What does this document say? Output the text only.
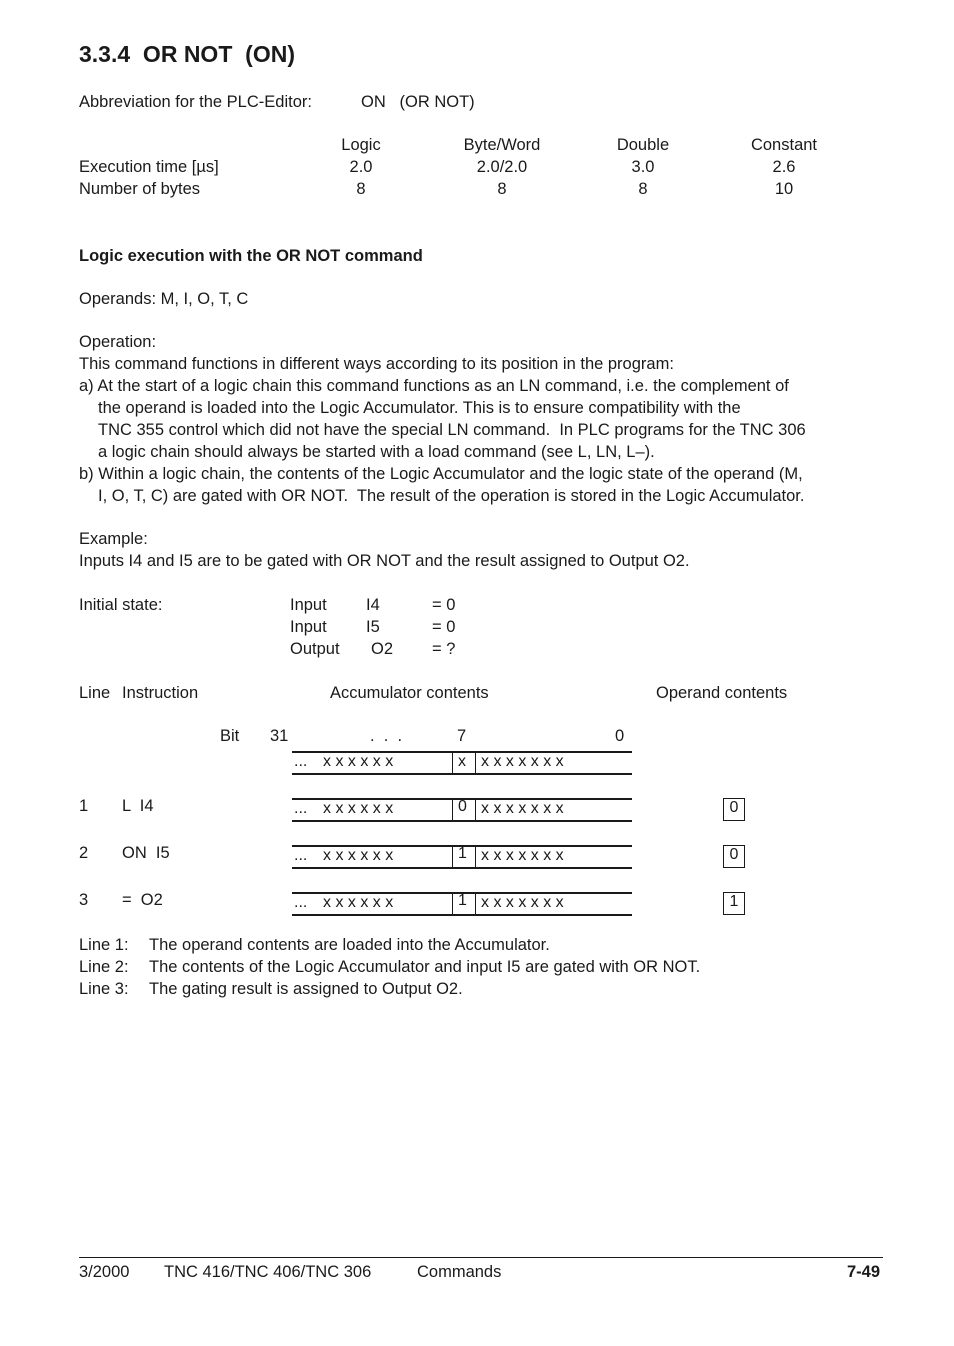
3.3.4  OR NOT  (ON)
Abbreviation for the PLC-Editor:	ON   (OR NOT)
Logic	Byte/Word	Double	Constant
Execution time [µs]	2.0	2.0/2.0	3.0	2.6
Number of bytes	8	8	8	10
Logic execution with the OR NOT command
Operands: M, I, O, T, C
Operation:
This command functions in different ways according to its position in the program:
a) At the start of a logic chain this command functions as an LN command, i.e. the complement of
the operand is loaded into the Logic Accumulator. This is to ensure compatibility with the
TNC 355 control which did not have the special LN command.  In PLC programs for the TNC 306
a logic chain should always be started with a load command (see L, LN, L–).
b) Within a logic chain, the contents of the Logic Accumulator and the logic state of the operand (M,
I, O, T, C) are gated with OR NOT.  The result of the operation is stored in the Logic Accumulator.
Example:
Inputs I4 and I5 are to be gated with OR NOT and the result assigned to Output O2.
Initial state:	Input I4	= 0
Input I5	= 0
Output O2 = ?
Line Instruction	Accumulator contents	Operand contents
Bit 31	.  .  .	7	0
... x x x x x x	x x x x x x x x
1 L  I4	... x x x x x x	0 x x x x x x x	0
2 ON  I5	... x x x x x x	1 x x x x x x x	0
3 =  O2	... x x x x x x	1 x x x x x x x	1
Line 1: The operand contents are loaded into the Accumulator.
Line 2: The contents of the Logic Accumulator and input I5 are gated with OR NOT.
Line 3: The gating result is assigned to Output O2.
3/2000 TNC 416/TNC 406/TNC 306	Commands	7-49
